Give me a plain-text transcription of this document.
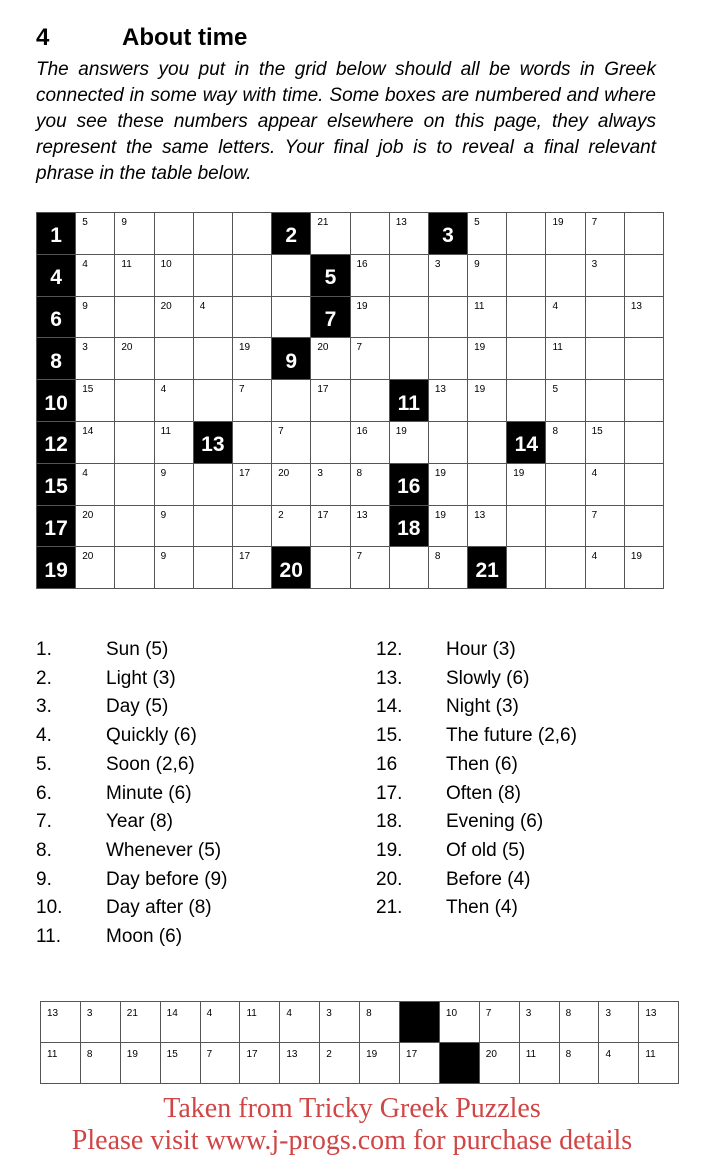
4	About time
The answers you put in the grid below should all be words in Greek connected in some way with time. Some boxes are numbered and where you see these numbers appear elsewhere on this page, they always represent the same letters. Your final job is to reveal a final relevant phrase in the table below.
1	5	9				2	21		13	3	5		19	7	

4	4	11	10				5	16		3	9			3	

6	9		20	4			7	19			11		4		13

8	3	20			19	9	20	7			19		11		

10	15		4		7		17		11	13	19		5		

12	14		11	13		7		16	19			14	8	15	

15	4		9		17	20	3	8	16	19		19		4	

17	20		9			2	17	13	18	19	13			7	

19	20		9		17	20		7		8	21			4	19
1.	Sun (5)
2.	Light (3)
3.	Day (5)
4.	Quickly (6)
5.	Soon (2,6)
6.	Minute (6)
7.	Year (8)
8.	Whenever (5)
9.	Day before (9)
10.	Day after (8)
11.	Moon (6)
12.	Hour (3)
13.	Slowly (6)
14.	Night (3)
15.	The future (2,6)
16	Then (6)
17.	Often (8)
18.	Evening (6)
19.	Of old (5)
20.	Before (4)
21.	Then (4)
13	3	21	14	4	11	4	3	8		10	7	3	8	3	13

11	8	19	15	7	17	13	2	19	17		20	11	8	4	11
Taken from Tricky Greek Puzzles
Please visit www.j-progs.com for purchase details
